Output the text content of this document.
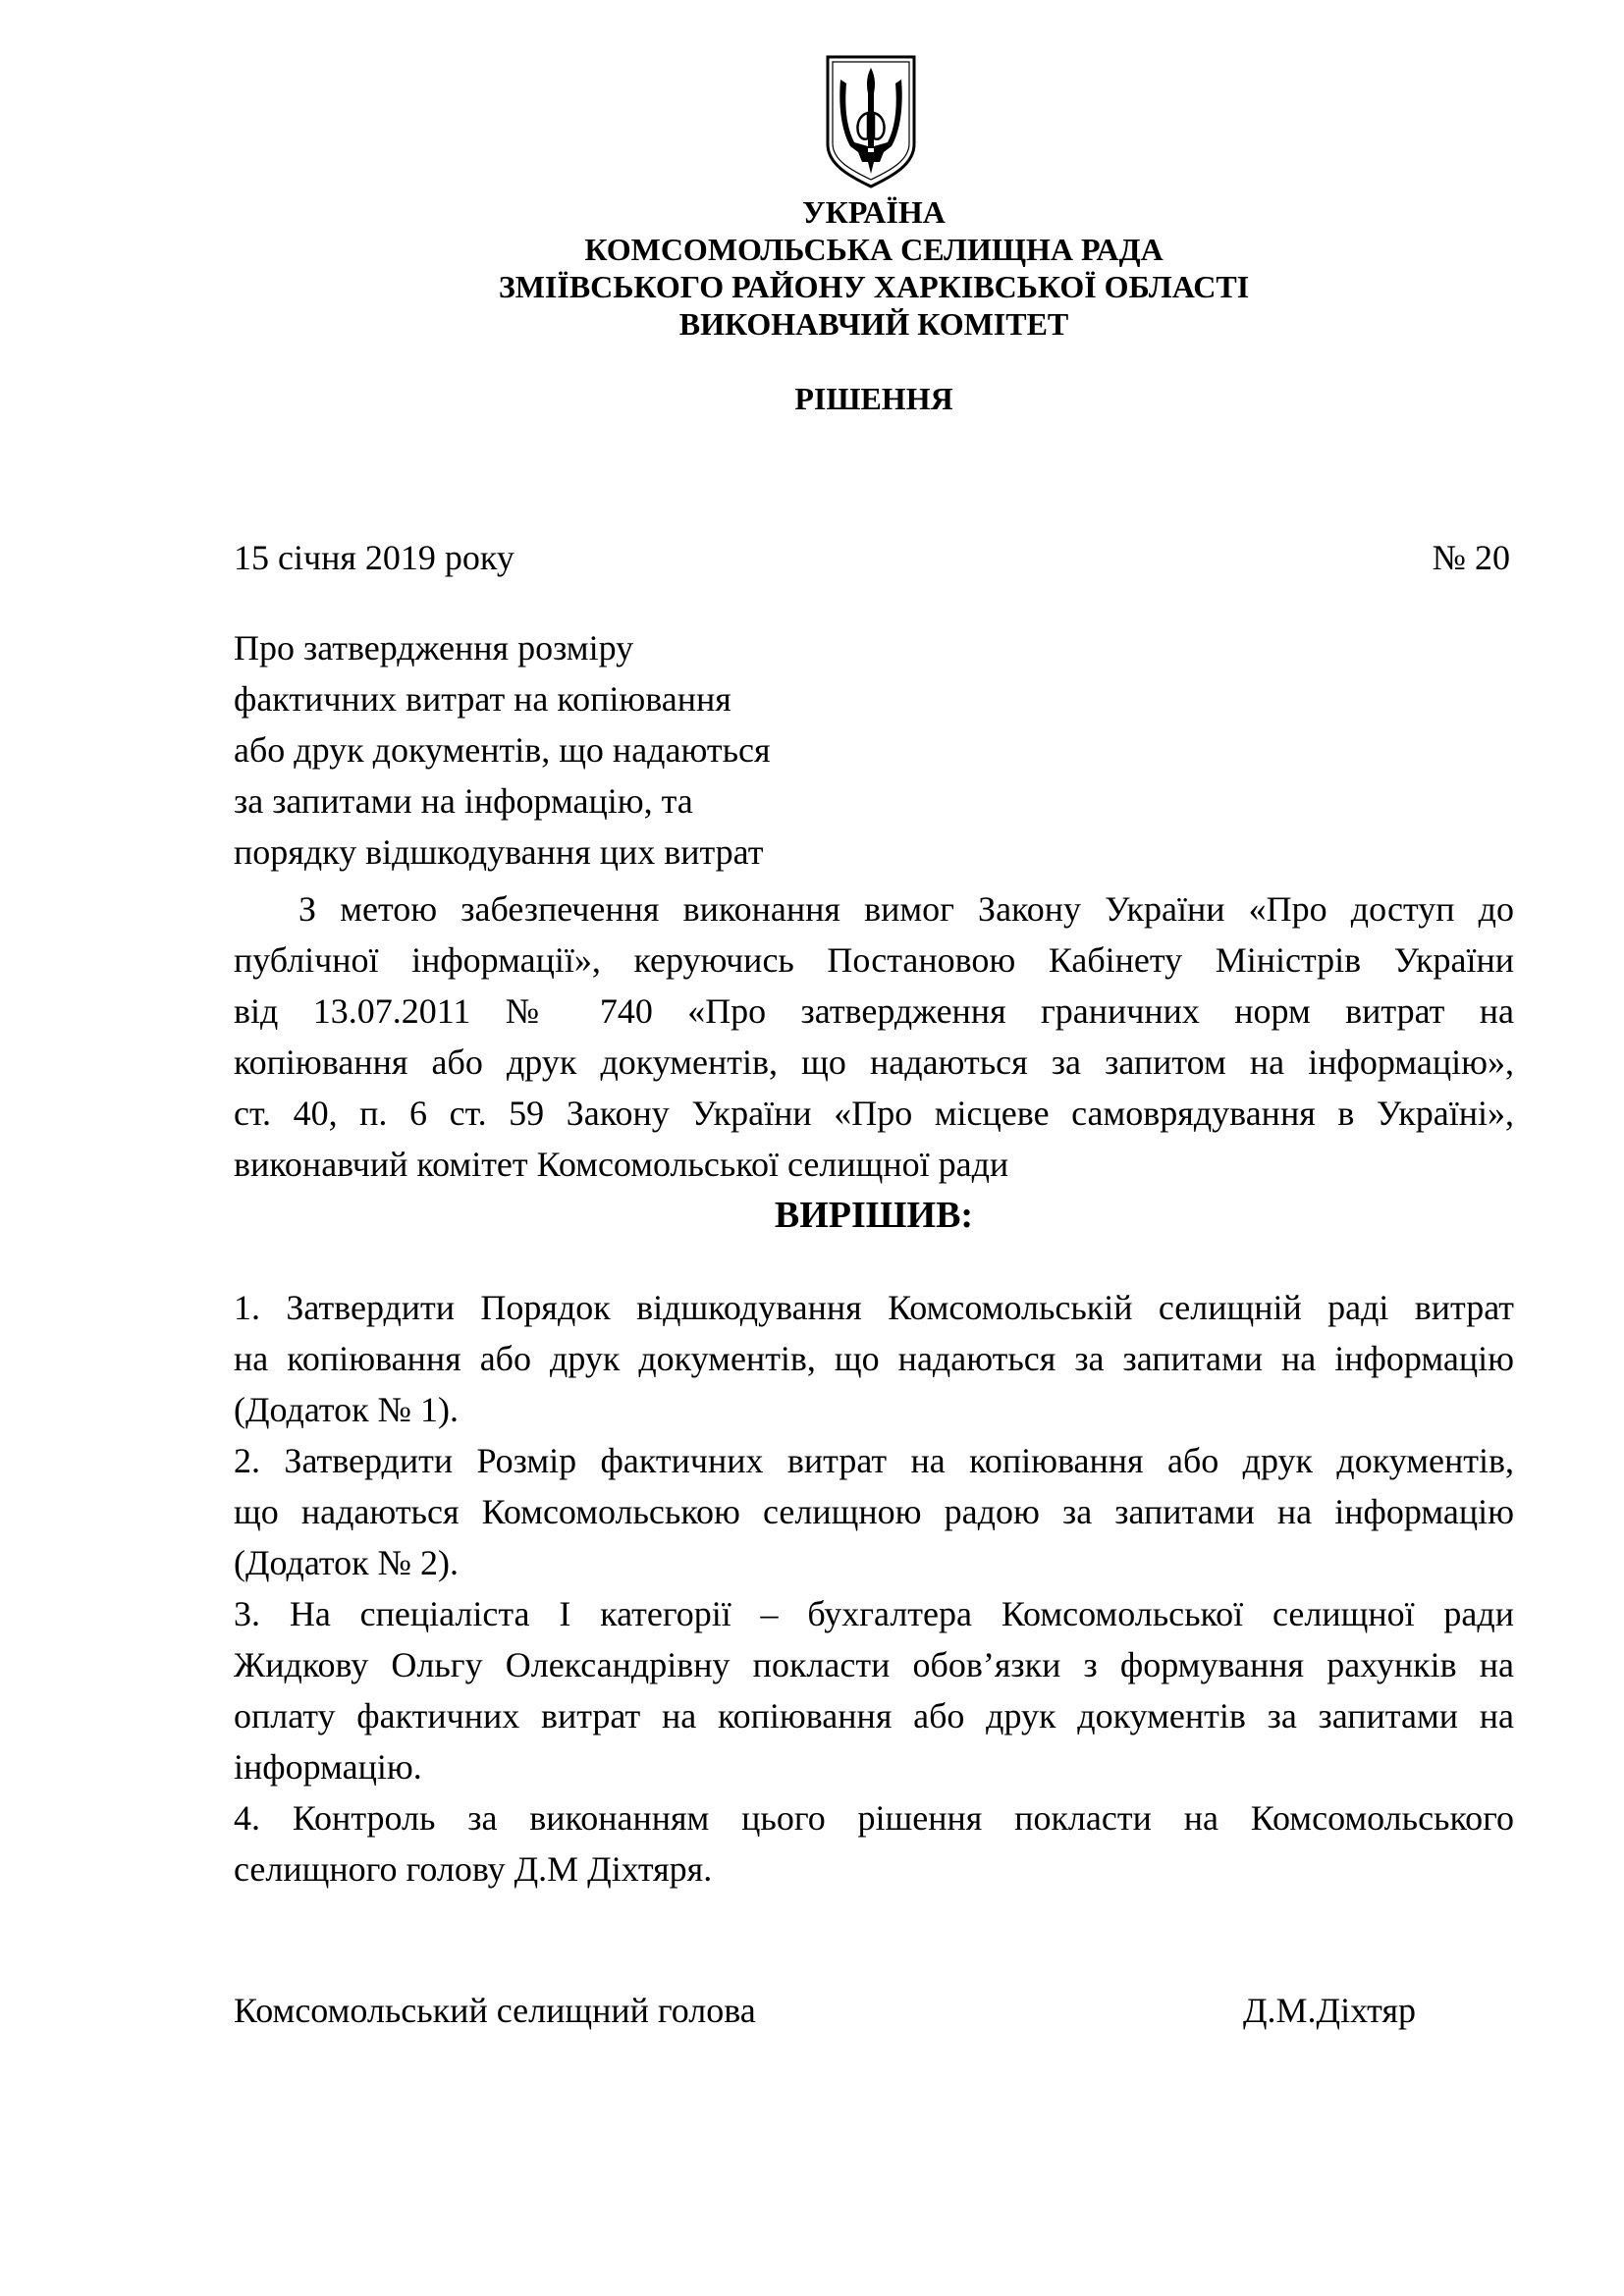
УКРАЇНА
КОМСОМОЛЬСЬКА СЕЛИЩНА РАДА
ЗМІЇВСЬКОГО РАЙОНУ ХАРКІВСЬКОЇ ОБЛАСТІ
ВИКОНАВЧИЙ КОМІТЕТ
РІШЕННЯ
15 січня 2019 року	№ 20
Про затвердження розміру
фактичних витрат на копіювання
або друк документів, що надаються
за запитами на інформацію, та
порядку відшкодування цих витрат
З метою забезпечення виконання вимог Закону України «Про доступ до
публічної інформації», керуючись Постановою Кабінету Міністрів України
від 13.07.2011 № 740 «Про затвердження граничних норм витрат на
копіювання або друк документів, що надаються за запитом на інформацію»,
ст. 40, п. 6 ст. 59 Закону України «Про місцеве самоврядування в Україні»,
виконавчий комітет Комсомольської селищної ради
ВИРІШИВ:
1. Затвердити Порядок відшкодування Комсомольській селищній раді витрат
на копіювання або друк документів, що надаються за запитами на інформацію
(Додаток № 1).
2. Затвердити Розмір фактичних витрат на копіювання або друк документів,
що надаються Комсомольською селищною радою за запитами на інформацію
(Додаток № 2).
3. На спеціаліста І категорії – бухгалтера Комсомольської селищної ради
Жидкову Ольгу Олександрівну покласти обов’язки з формування рахунків на
оплату фактичних витрат на копіювання або друк документів за запитами на
інформацію.
4. Контроль за виконанням цього рішення покласти на Комсомольського
селищного голову Д.М Діхтяря.
Комсомольський селищний голова	Д.М.Діхтяр
